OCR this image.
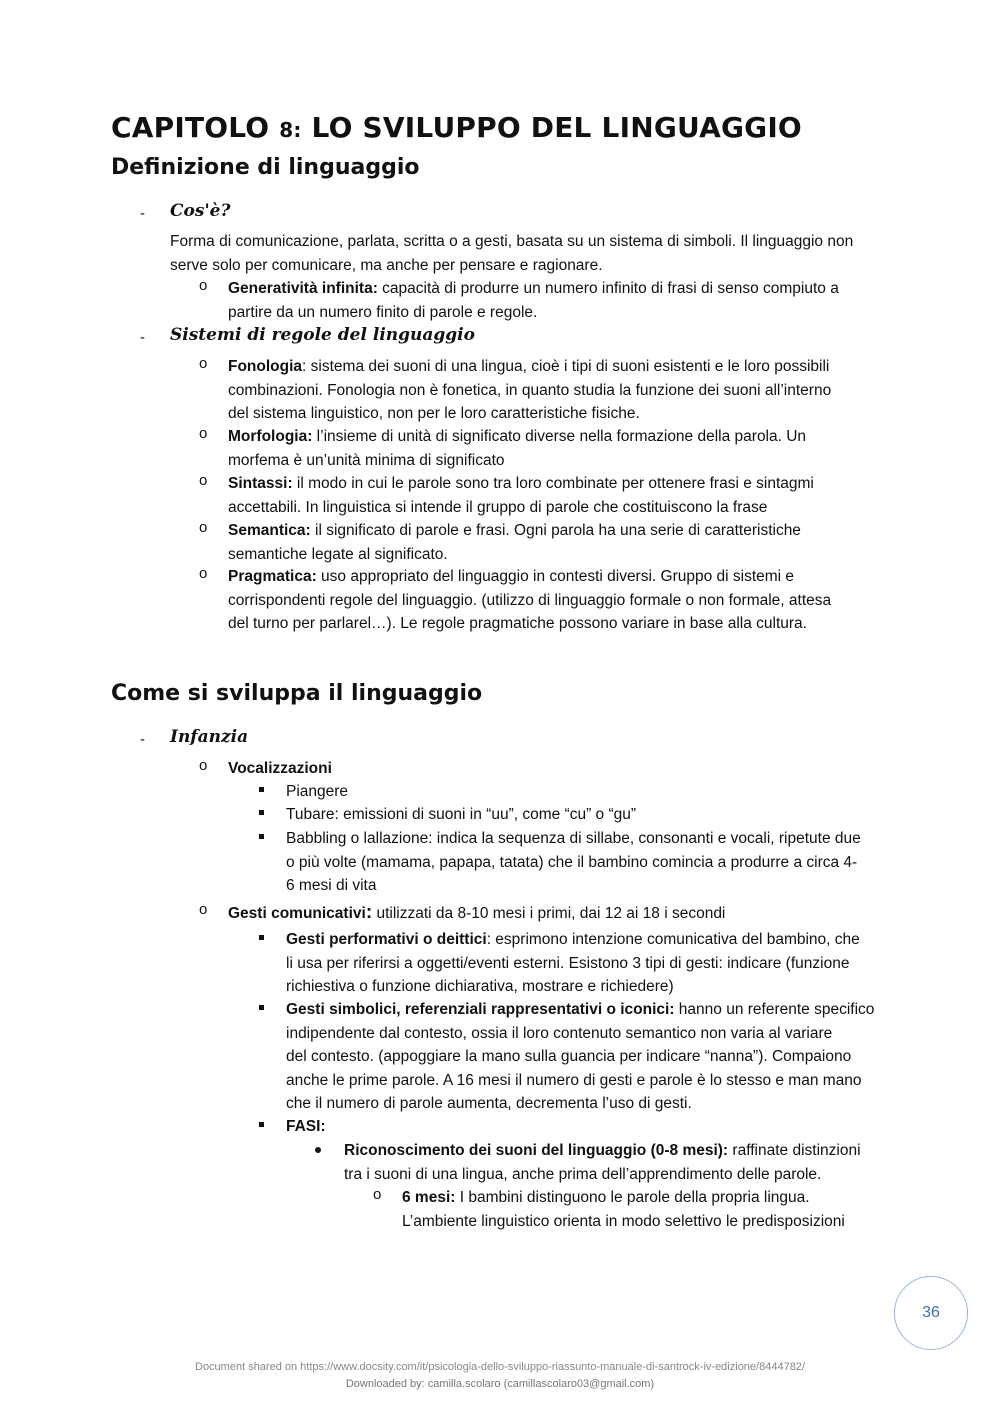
CAPITOLO 8: LO SVILUPPO DEL LINGUAGGIO
Definizione di linguaggio
- Cos'è?
Forma di comunicazione, parlata, scritta o a gesti, basata su un sistema di simboli. Il linguaggio non
serve solo per comunicare, ma anche per pensare e ragionare.
o Generatività infinita: capacità di produrre un numero infinito di frasi di senso compiuto a
partire da un numero finito di parole e regole.
- Sistemi di regole del linguaggio
o Fonologia: sistema dei suoni di una lingua, cioè i tipi di suoni esistenti e le loro possibili
combinazioni. Fonologia non è fonetica, in quanto studia la funzione dei suoni all’interno
del sistema linguistico, non per le loro caratteristiche fisiche.
o Morfologia: l’insieme di unità di significato diverse nella formazione della parola. Un
morfema è un’unità minima di significato
o Sintassi: il modo in cui le parole sono tra loro combinate per ottenere frasi e sintagmi
accettabili. In linguistica si intende il gruppo di parole che costituiscono la frase
o Semantica: il significato di parole e frasi. Ogni parola ha una serie di caratteristiche
semantiche legate al significato.
o Pragmatica: uso appropriato del linguaggio in contesti diversi. Gruppo di sistemi e
corrispondenti regole del linguaggio. (utilizzo di linguaggio formale o non formale, attesa
del turno per parlarel…). Le regole pragmatiche possono variare in base alla cultura.
Come si sviluppa il linguaggio
- Infanzia
o Vocalizzazioni
Piangere
Tubare: emissioni di suoni in “uu”, come “cu” o “gu”
Babbling o lallazione: indica la sequenza di sillabe, consonanti e vocali, ripetute due
o più volte (mamama, papapa, tatata) che il bambino comincia a produrre a circa 4-
6 mesi di vita
o Gesti comunicativi: utilizzati da 8-10 mesi i primi, dai 12 ai 18 i secondi
Gesti performativi o deittici: esprimono intenzione comunicativa del bambino, che
li usa per riferirsi a oggetti/eventi esterni. Esistono 3 tipi di gesti: indicare (funzione
richiestiva o funzione dichiarativa, mostrare e richiedere)
Gesti simbolici, referenziali rappresentativi o iconici: hanno un referente specifico
indipendente dal contesto, ossia il loro contenuto semantico non varia al variare
del contesto. (appoggiare la mano sulla guancia per indicare “nanna”). Compaiono
anche le prime parole. A 16 mesi il numero di gesti e parole è lo stesso e man mano
che il numero di parole aumenta, decrementa l’uso di gesti.
FASI:
Riconoscimento dei suoni del linguaggio (0-8 mesi): raffinate distinzioni
tra i suoni di una lingua, anche prima dell’apprendimento delle parole.
o 6 mesi: I bambini distinguono le parole della propria lingua.
L’ambiente linguistico orienta in modo selettivo le predisposizioni
36
Document shared on https://www.docsity.com/it/psicologia-dello-sviluppo-riassunto-manuale-di-santrock-iv-edizione/8444782/
Downloaded by: camilla.scolaro (camillascolaro03@gmail.com)
